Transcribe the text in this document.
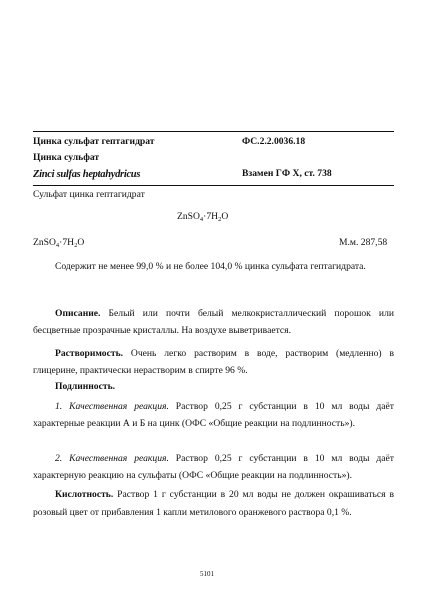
Цинка сульфат гептагидрат	ФС.2.2.0036.18
Цинка сульфат
Zinci sulfas heptahydricus	Взамен ГФ X, ст. 738
Сульфат цинка гептагидрат
$ZnSO_4\cdot 7H_2O$
$ZnSO_4\cdot 7H_2O$	М.м. 287,58
Содержит не менее 99,0 % и не более 104,0 % цинка сульфата гептагидрата.
Описание. Белый или почти белый мелкокристаллический порошок или бесцветные прозрачные кристаллы. На воздухе выветривается.
Растворимость. Очень легко растворим в воде, растворим (медленно) в глицерине, практически нерастворим в спирте 96 %.
Подлинность.
1. Качественная реакция. Раствор 0,25 г субстанции в 10 мл воды даёт характерные реакции А и Б на цинк (ОФС «Общие реакции на подлинность»).
2. Качественная реакция. Раствор 0,25 г субстанции в 10 мл воды даёт характерную реакцию на сульфаты (ОФС «Общие реакции на подлинность»).
Кислотность. Раствор 1 г субстанции в 20 мл воды не должен окрашиваться в розовый цвет от прибавления 1 капли метилового оранжевого раствора 0,1 %.
5101
